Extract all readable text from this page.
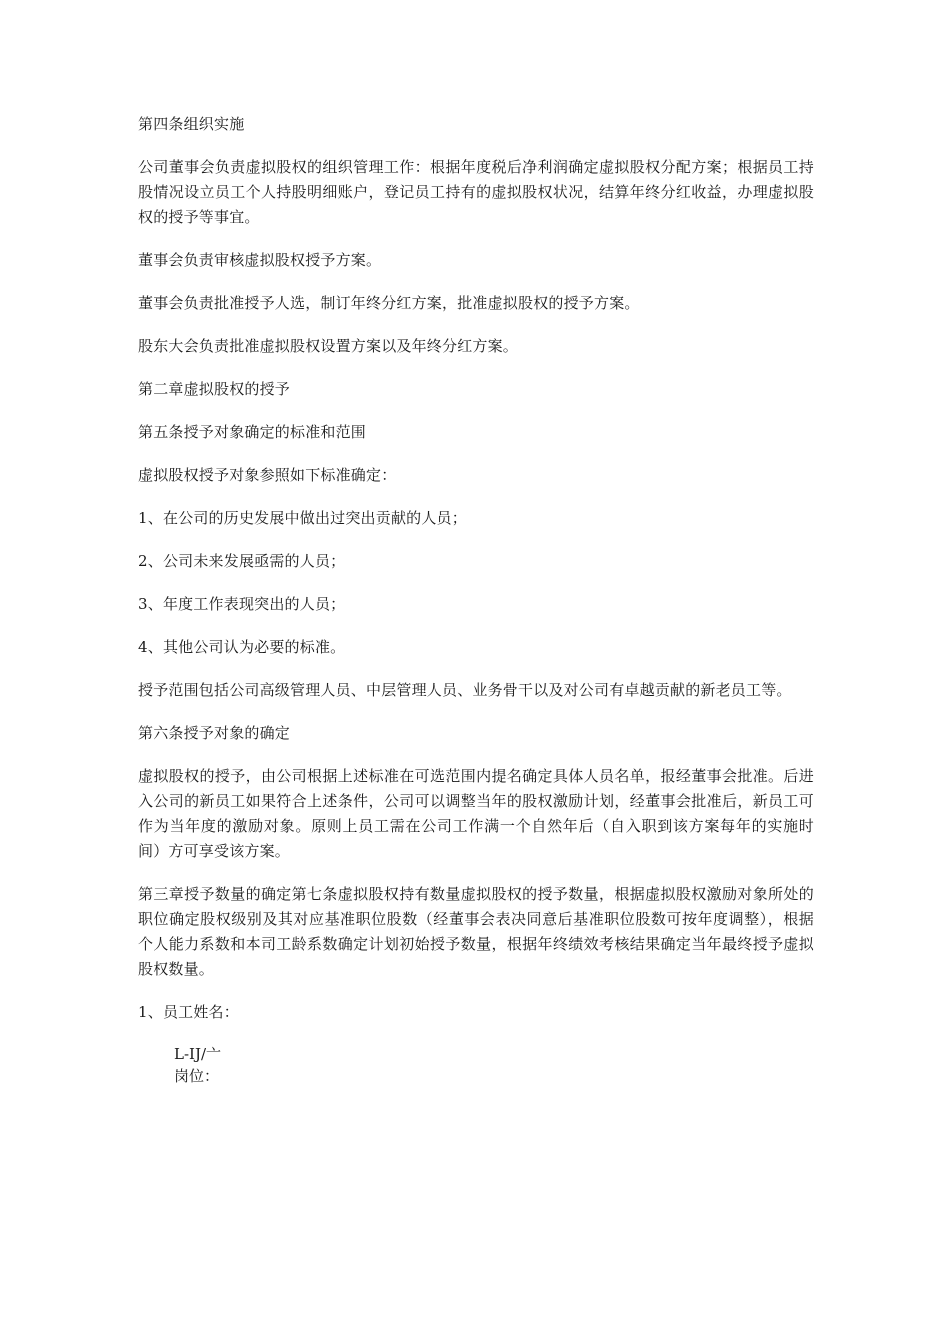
第四条组织实施

公司董事会负责虚拟股权的组织管理工作：根据年度税后净利润确定虚拟股权分配方案；根据员工持股情况设立员工个人持股明细账户，登记员工持有的虚拟股权状况，结算年终分红收益，办理虚拟股权的授予等事宜。

董事会负责审核虚拟股权授予方案。

董事会负责批准授予人选，制订年终分红方案，批准虚拟股权的授予方案。

股东大会负责批准虚拟股权设置方案以及年终分红方案。

第二章虚拟股权的授予

第五条授予对象确定的标准和范围

虚拟股权授予对象参照如下标准确定：

1、在公司的历史发展中做出过突出贡献的人员；

2、公司未来发展亟需的人员；

3、年度工作表现突出的人员；

4、其他公司认为必要的标准。

授予范围包括公司高级管理人员、中层管理人员、业务骨干以及对公司有卓越贡献的新老员工等。

第六条授予对象的确定

虚拟股权的授予，由公司根据上述标准在可选范围内提名确定具体人员名单，报经董事会批准。后进入公司的新员工如果符合上述条件，公司可以调整当年的股权激励计划，经董事会批准后，新员工可作为当年度的激励对象。原则上员工需在公司工作满一个自然年后（自入职到该方案每年的实施时间）方可享受该方案。

第三章授予数量的确定第七条虚拟股权持有数量虚拟股权的授予数量，根据虚拟股权激励对象所处的职位确定股权级别及其对应基准职位股数（经董事会表决同意后基准职位股数可按年度调整），根据个人能力系数和本司工龄系数确定计划初始授予数量，根据年终绩效考核结果确定当年最终授予虚拟股权数量。

1、员工姓名：

L-IJ/亠

岗位：
